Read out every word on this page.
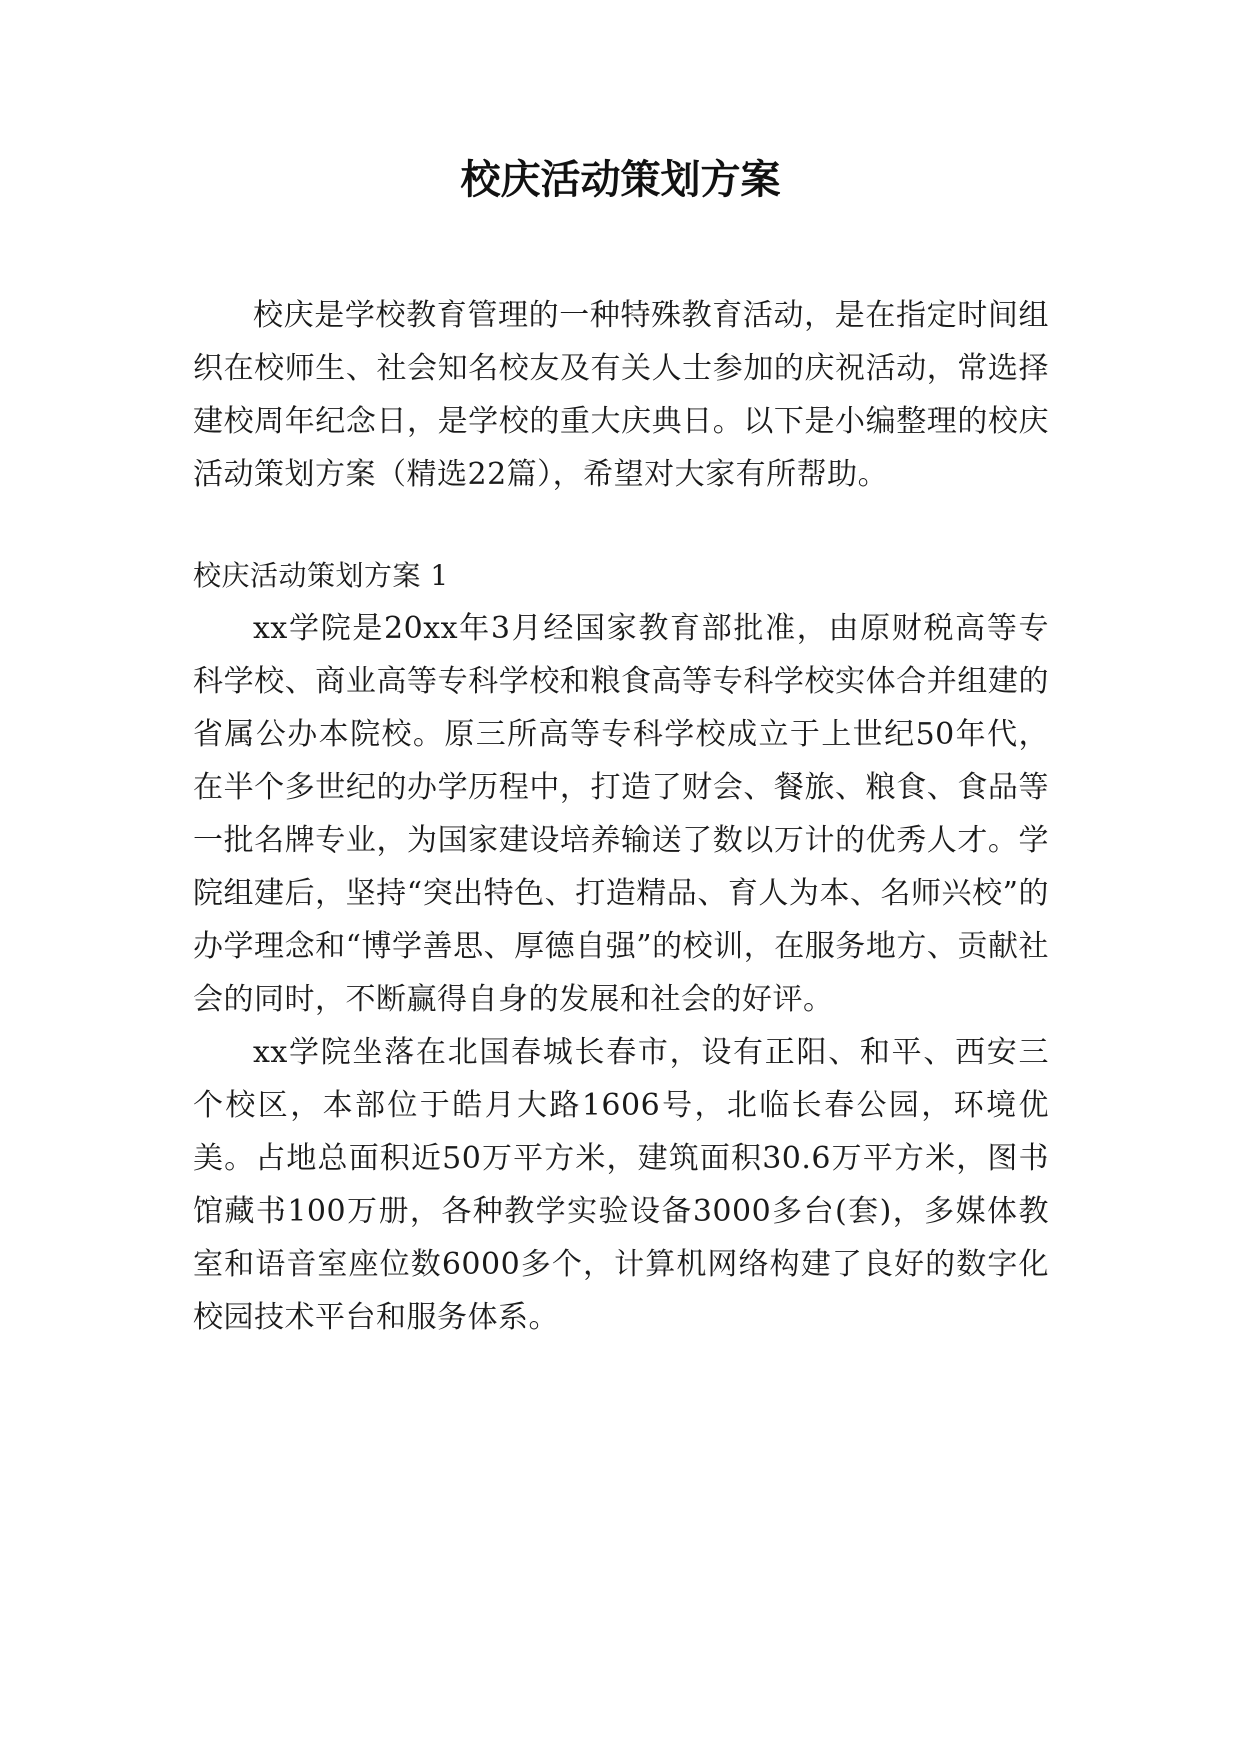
校庆活动策划方案

校庆是学校教育管理的一种特殊教育活动，是在指定时间组织在校师生、社会知名校友及有关人士参加的庆祝活动，常选择建校周年纪念日，是学校的重大庆典日。以下是小编整理的校庆活动策划方案（精选22篇），希望对大家有所帮助。

校庆活动策划方案 1

xx学院是20xx年3月经国家教育部批准，由原财税高等专科学校、商业高等专科学校和粮食高等专科学校实体合并组建的省属公办本院校。原三所高等专科学校成立于上世纪50年代，在半个多世纪的办学历程中，打造了财会、餐旅、粮食、食品等一批名牌专业，为国家建设培养输送了数以万计的优秀人才。学院组建后，坚持“突出特色、打造精品、育人为本、名师兴校”的办学理念和“博学善思、厚德自强”的校训，在服务地方、贡献社会的同时，不断赢得自身的发展和社会的好评。

xx学院坐落在北国春城长春市，设有正阳、和平、西安三个校区，本部位于皓月大路1606号，北临长春公园，环境优美。占地总面积近50万平方米，建筑面积30.6万平方米，图书馆藏书100万册，各种教学实验设备3000多台(套)，多媒体教室和语音室座位数6000多个，计算机网络构建了良好的数字化校园技术平台和服务体系。
